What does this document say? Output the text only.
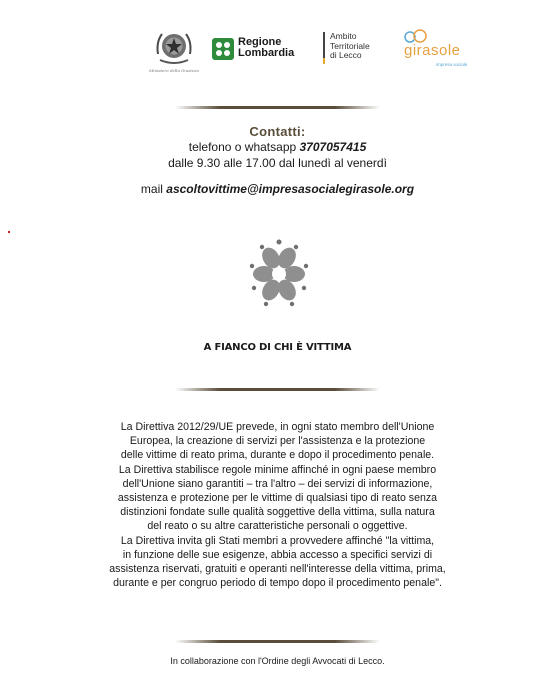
Ministero della Giustizia
Regione
Lombardia
Ambito
Territoriale
di Lecco	girasole
impresa sociale
Contatti:
telefono o whatsapp 3707057415
dalle 9.30 alle 17.00 dal lunedì al venerdì
mail ascoltovittime@impresasocialegirasole.org
A FIANCO DI CHI È VITTIMA
La Direttiva 2012/29/UE prevede, in ogni stato membro dell'Unione
Europea, la creazione di servizi per l'assistenza e la protezione
delle vittime di reato prima, durante e dopo il procedimento penale.
La Direttiva stabilisce regole minime affinché in ogni paese membro
dell'Unione siano garantiti – tra l'altro – dei servizi di informazione,
assistenza e protezione per le vittime di qualsiasi tipo di reato senza
distinzioni fondate sulle qualità soggettive della vittima, sulla natura
del reato o su altre caratteristiche personali o oggettive.
La Direttiva invita gli Stati membri a provvedere affinché "la vittima,
in funzione delle sue esigenze, abbia accesso a specifici servizi di
assistenza riservati, gratuiti e operanti nell'interesse della vittima, prima,
durante e per congruo periodo di tempo dopo il procedimento penale".
In collaborazione con l'Ordine degli Avvocati di Lecco.
